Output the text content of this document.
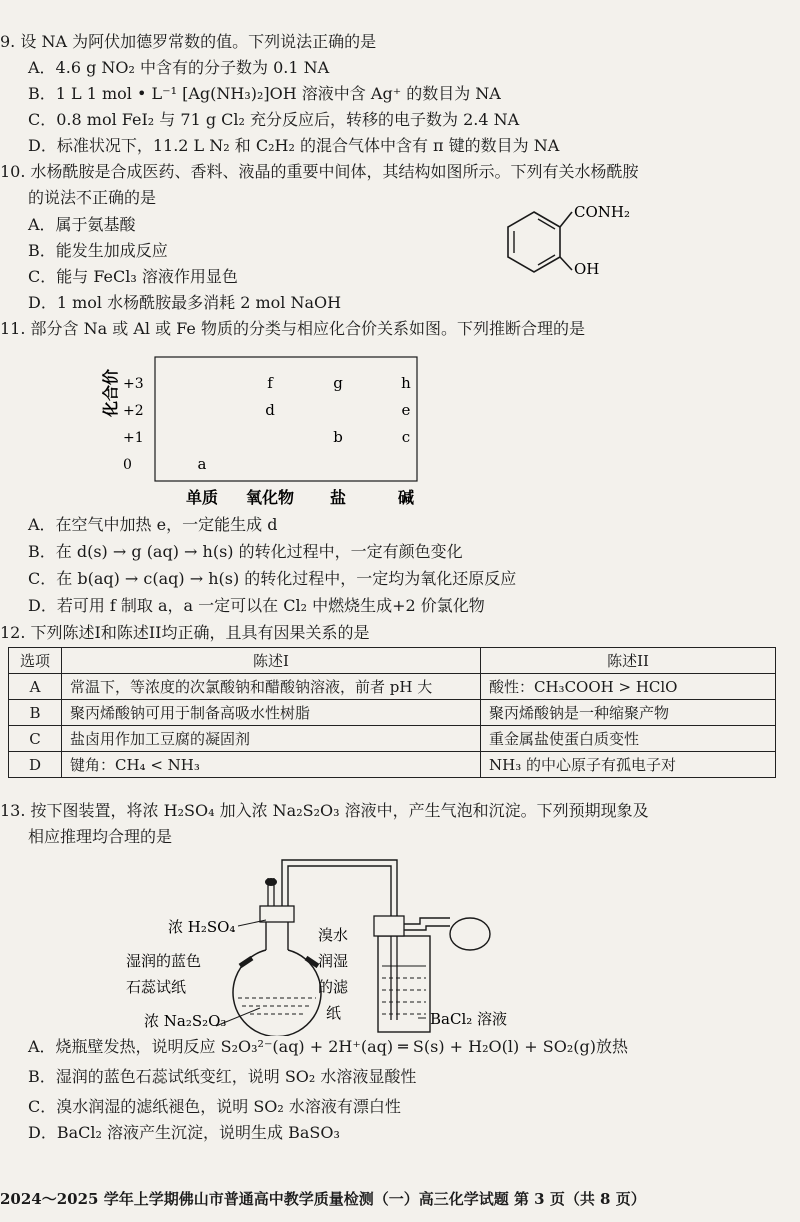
9. 设 NA 为阿伏加德罗常数的值。下列说法正确的是
A．4.6 g NO₂ 中含有的分子数为 0.1 NA
B．1 L 1 mol • L⁻¹ [Ag(NH₃)₂]OH 溶液中含 Ag⁺ 的数目为 NA
C．0.8 mol FeI₂ 与 71 g Cl₂ 充分反应后，转移的电子数为 2.4 NA
D．标准状况下，11.2 L N₂ 和 C₂H₂ 的混合气体中含有 π 键的数目为 NA
10. 水杨酰胺是合成医药、香料、液晶的重要中间体，其结构如图所示。下列有关水杨酰胺
的说法不正确的是
A．属于氨基酸
B．能发生加成反应
C．能与 FeCl₃ 溶液作用显色
D．1 mol 水杨酰胺最多消耗 2 mol NaOH
CONH₂
OH
11. 部分含 Na 或 Al 或 Fe 物质的分类与相应化合价关系如图。下列推断合理的是
化合价 +3
+2
+1
0
单质 氧化物 盐	碱
a
d
f
b
g
c
e
h
A．在空气中加热 e，一定能生成 d
B．在 d(s) → g (aq) → h(s) 的转化过程中，一定有颜色变化
C．在 b(aq) → c(aq) → h(s) 的转化过程中，一定均为氧化还原反应
D．若可用 f 制取 a，a 一定可以在 Cl₂ 中燃烧生成+2 价氯化物
12. 下列陈述I和陈述II均正确，且具有因果关系的是
选项	陈述I	陈述II
A	常温下，等浓度的次氯酸钠和醋酸钠溶液，前者 pH 大	酸性：CH₃COOH > HClO
B	聚丙烯酸钠可用于制备高吸水性树脂	聚丙烯酸钠是一种缩聚产物
C	盐卤用作加工豆腐的凝固剂	重金属盐使蛋白质变性
D	键角：CH₄ < NH₃	NH₃ 的中心原子有孤电子对
13. 按下图装置，将浓 H₂SO₄ 加入浓 Na₂S₂O₃ 溶液中，产生气泡和沉淀。下列预期现象及
相应推理均合理的是
浓 H₂SO₄
湿润的蓝色
石蕊试纸
浓 Na₂S₂O₃
溴水
润湿
的滤
纸	BaCl₂ 溶液
A．烧瓶壁发热，说明反应 S₂O₃²⁻(aq) + 2H⁺(aq) ═ S(s) + H₂O(l) + SO₂(g)放热
B．湿润的蓝色石蕊试纸变红，说明 SO₂ 水溶液显酸性
C．溴水润湿的滤纸褪色，说明 SO₂ 水溶液有漂白性
D．BaCl₂ 溶液产生沉淀，说明生成 BaSO₃
2024～2025 学年上学期佛山市普通高中教学质量检测（一）高三化学试题 第 3 页（共 8 页）
